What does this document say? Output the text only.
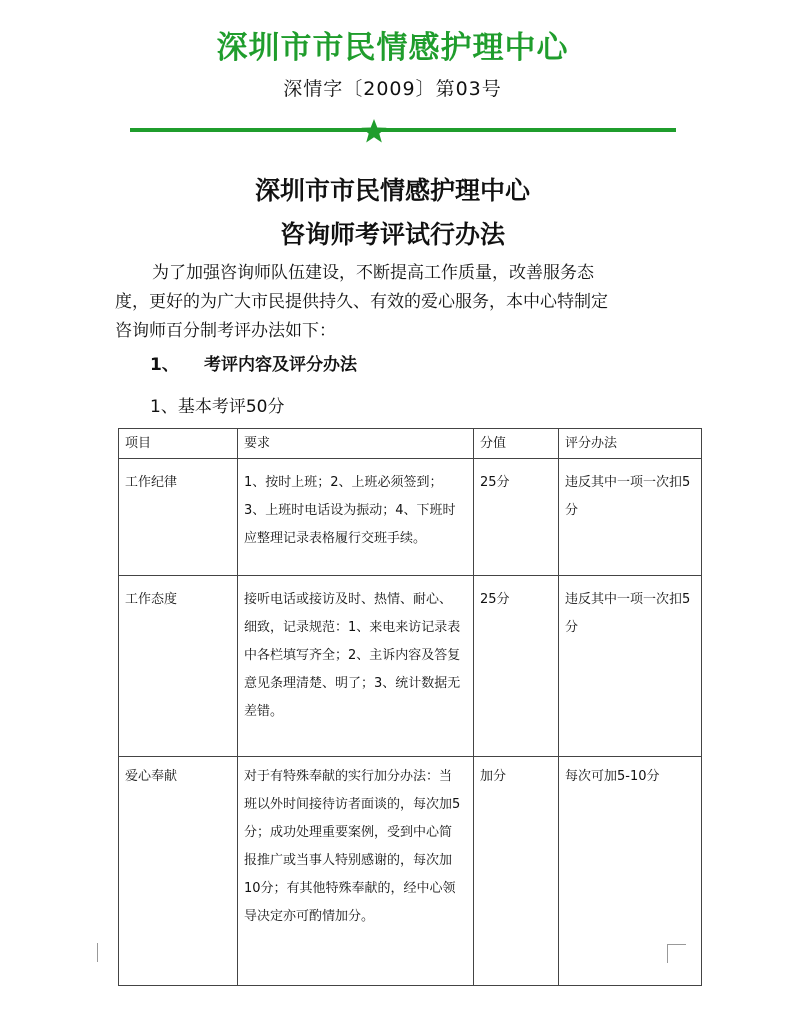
深圳市市民情感护理中心
深情字〔2009〕第03号
深圳市市民情感护理中心
咨询师考评试行办法
为了加强咨询师队伍建设，不断提高工作质量，改善服务态
度，更好的为广大市民提供持久、有效的爱心服务，本中心特制定
咨询师百分制考评办法如下：
1、 考评内容及评分办法
1、基本考评50分
项目	要求	分值	评分办法
工作纪律	1、按时上班；2、上班必须签到；3、上班时电话设为振动；4、下班时应整理记录表格履行交班手续。	25分	违反其中一项一次扣5分
工作态度	接听电话或接访及时、热情、耐心、细致，记录规范：1、来电来访记录表中各栏填写齐全；2、主诉内容及答复意见条理清楚、明了；3、统计数据无差错。	25分	违反其中一项一次扣5分
爱心奉献	对于有特殊奉献的实行加分办法：当班以外时间接待访者面谈的，每次加5分；成功处理重要案例，受到中心简报推广或当事人特别感谢的，每次加10分；有其他特殊奉献的，经中心领导决定亦可酌情加分。	加分	每次可加5-10分
